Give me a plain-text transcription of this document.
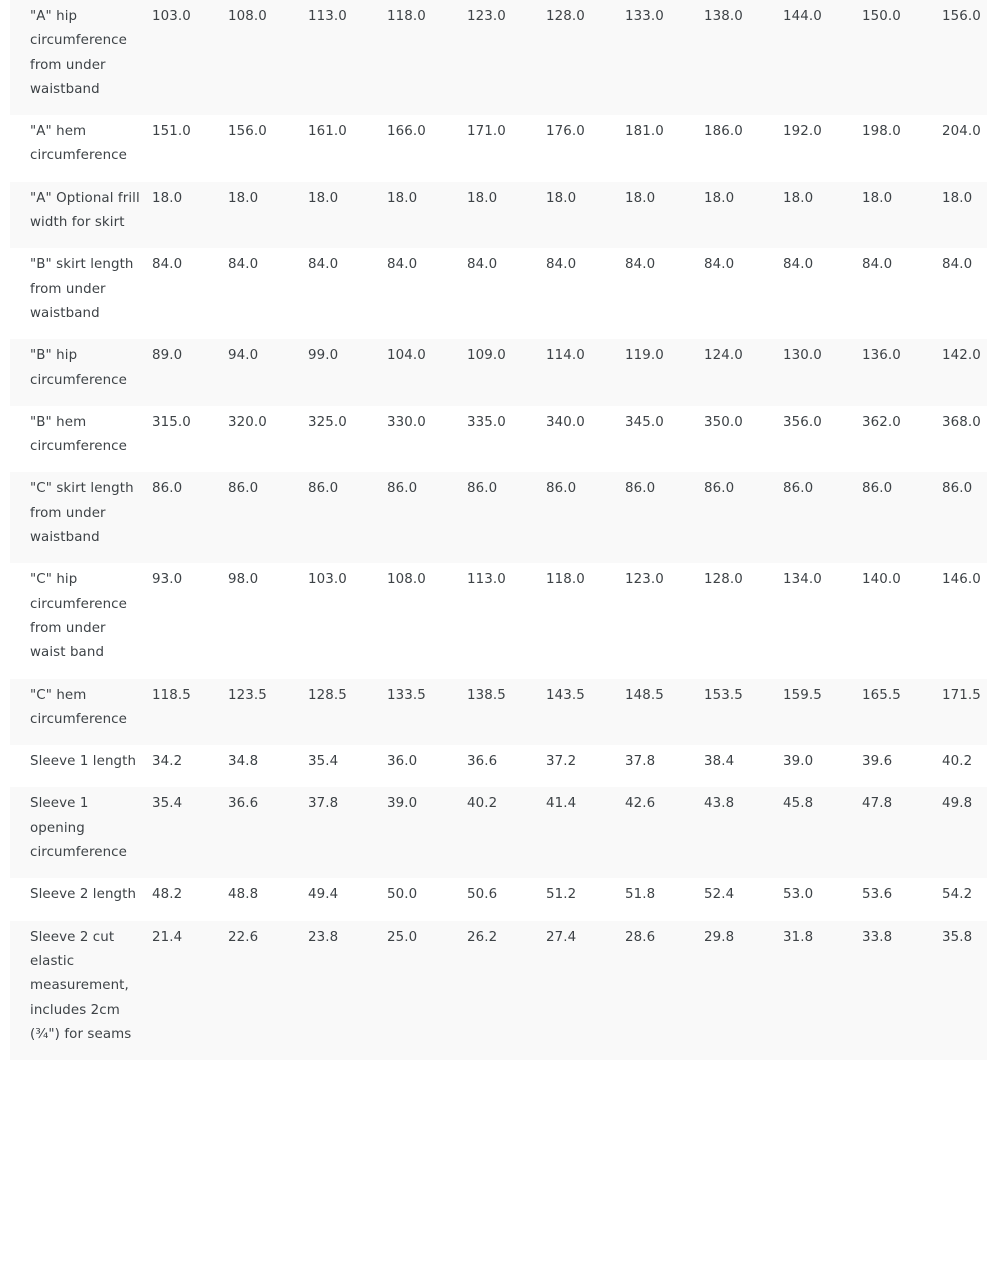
"A" hip circumference from under waistband	103.0	108.0	113.0	118.0	123.0	128.0	133.0	138.0	144.0	150.0	156.0
"A" hem circumference	151.0	156.0	161.0	166.0	171.0	176.0	181.0	186.0	192.0	198.0	204.0
"A" Optional frill width for skirt	18.0	18.0	18.0	18.0	18.0	18.0	18.0	18.0	18.0	18.0	18.0
"B" skirt length from under waistband	84.0	84.0	84.0	84.0	84.0	84.0	84.0	84.0	84.0	84.0	84.0
"B" hip circumference	89.0	94.0	99.0	104.0	109.0	114.0	119.0	124.0	130.0	136.0	142.0
"B" hem circumference	315.0	320.0	325.0	330.0	335.0	340.0	345.0	350.0	356.0	362.0	368.0
"C" skirt length from under waistband	86.0	86.0	86.0	86.0	86.0	86.0	86.0	86.0	86.0	86.0	86.0
"C" hip circumference from under waist band	93.0	98.0	103.0	108.0	113.0	118.0	123.0	128.0	134.0	140.0	146.0
"C" hem circumference	118.5	123.5	128.5	133.5	138.5	143.5	148.5	153.5	159.5	165.5	171.5
Sleeve 1 length	34.2	34.8	35.4	36.0	36.6	37.2	37.8	38.4	39.0	39.6	40.2
Sleeve 1 opening circumference	35.4	36.6	37.8	39.0	40.2	41.4	42.6	43.8	45.8	47.8	49.8
Sleeve 2 length	48.2	48.8	49.4	50.0	50.6	51.2	51.8	52.4	53.0	53.6	54.2
Sleeve 2 cut elastic measurement, includes 2cm (¾") for seams	21.4	22.6	23.8	25.0	26.2	27.4	28.6	29.8	31.8	33.8	35.8
